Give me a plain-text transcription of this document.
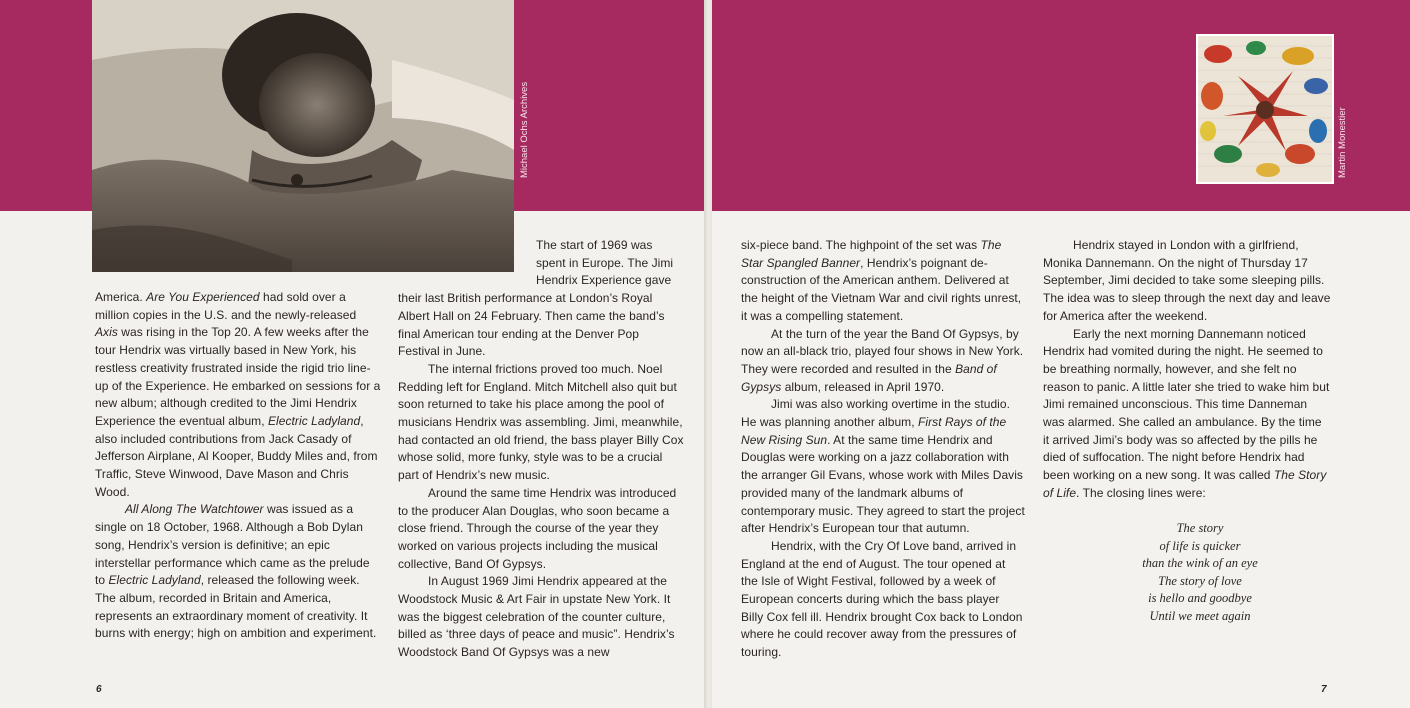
Michael Ochs Archives

America. Are You Experienced had sold over a million copies in the U.S. and the newly-released Axis was rising in the Top 20. A few weeks after the tour Hendrix was virtually based in New York, his restless creativity frustrated inside the rigid trio line-up of the Experience. He embarked on sessions for a new album; although credited to the Jimi Hendrix Experience the eventual album, Electric Ladyland, also included contributions from Jack Casady of Jefferson Airplane, Al Kooper, Buddy Miles and, from Traffic, Steve Winwood, Dave Mason and Chris Wood.

All Along The Watchtower was issued as a single on 18 October, 1968. Although a Bob Dylan song, Hendrix’s version is definitive; an epic interstellar performance which came as the prelude to Electric Ladyland, released the following week. The album, recorded in Britain and America, represents an extraordinary moment of creativity. It burns with energy; high on ambition and experiment.

The start of 1969 was spent in Europe. The Jimi Hendrix Experience gave their last British performance at London’s Royal Albert Hall on 24 February. Then came the band’s final American tour ending at the Denver Pop Festival in June.

The internal frictions proved too much. Noel Redding left for England. Mitch Mitchell also quit but soon returned to take his place among the pool of musicians Hendrix was assembling. Jimi, meanwhile, had contacted an old friend, the bass player Billy Cox whose solid, more funky, style was to be a crucial part of Hendrix’s new music.

Around the same time Hendrix was introduced to the producer Alan Douglas, who soon became a close friend. Through the course of the year they worked on various projects including the musical collective, Band Of Gypsys.

In August 1969 Jimi Hendrix appeared at the Woodstock Music & Art Fair in upstate New York. It was the biggest celebration of the counter culture, billed as ‘three days of peace and music”. Hendrix’s Woodstock Band Of Gypsys was a new

6	7
Martin Monestier

six-piece band. The highpoint of the set was The Star Spangled Banner, Hendrix’s poignant de-construction of the American anthem. Delivered at the height of the Vietnam War and civil rights unrest, it was a compelling statement.

At the turn of the year the Band Of Gypsys, by now an all-black trio, played four shows in New York. They were recorded and resulted in the Band of Gypsys album, released in April 1970.

Jimi was also working overtime in the studio. He was planning another album, First Rays of the New Rising Sun. At the same time Hendrix and Douglas were working on a jazz collaboration with the arranger Gil Evans, whose work with Miles Davis provided many of the landmark albums of contemporary music. They agreed to start the project after Hendrix’s European tour that autumn.

Hendrix, with the Cry Of Love band, arrived in England at the end of August. The tour opened at the Isle of Wight Festival, followed by a week of European concerts during which the bass player Billy Cox fell ill. Hendrix brought Cox back to London where he could recover away from the pressures of touring.

Hendrix stayed in London with a girlfriend, Monika Dannemann. On the night of Thursday 17 September, Jimi decided to take some sleeping pills. The idea was to sleep through the next day and leave for America after the weekend.

Early the next morning Dannemann noticed Hendrix had vomited during the night. He seemed to be breathing normally, however, and she felt no reason to panic. A little later she tried to wake him but Jimi remained unconscious. This time Danneman was alarmed. She called an ambulance. By the time it arrived Jimi’s body was so affected by the pills he died of suffocation. The night before Hendrix had been working on a new song. It was called The Story of Life. The closing lines were:

The story
of life is quicker
than the wink of an eye
The story of love
is hello and goodbye
Until we meet again
